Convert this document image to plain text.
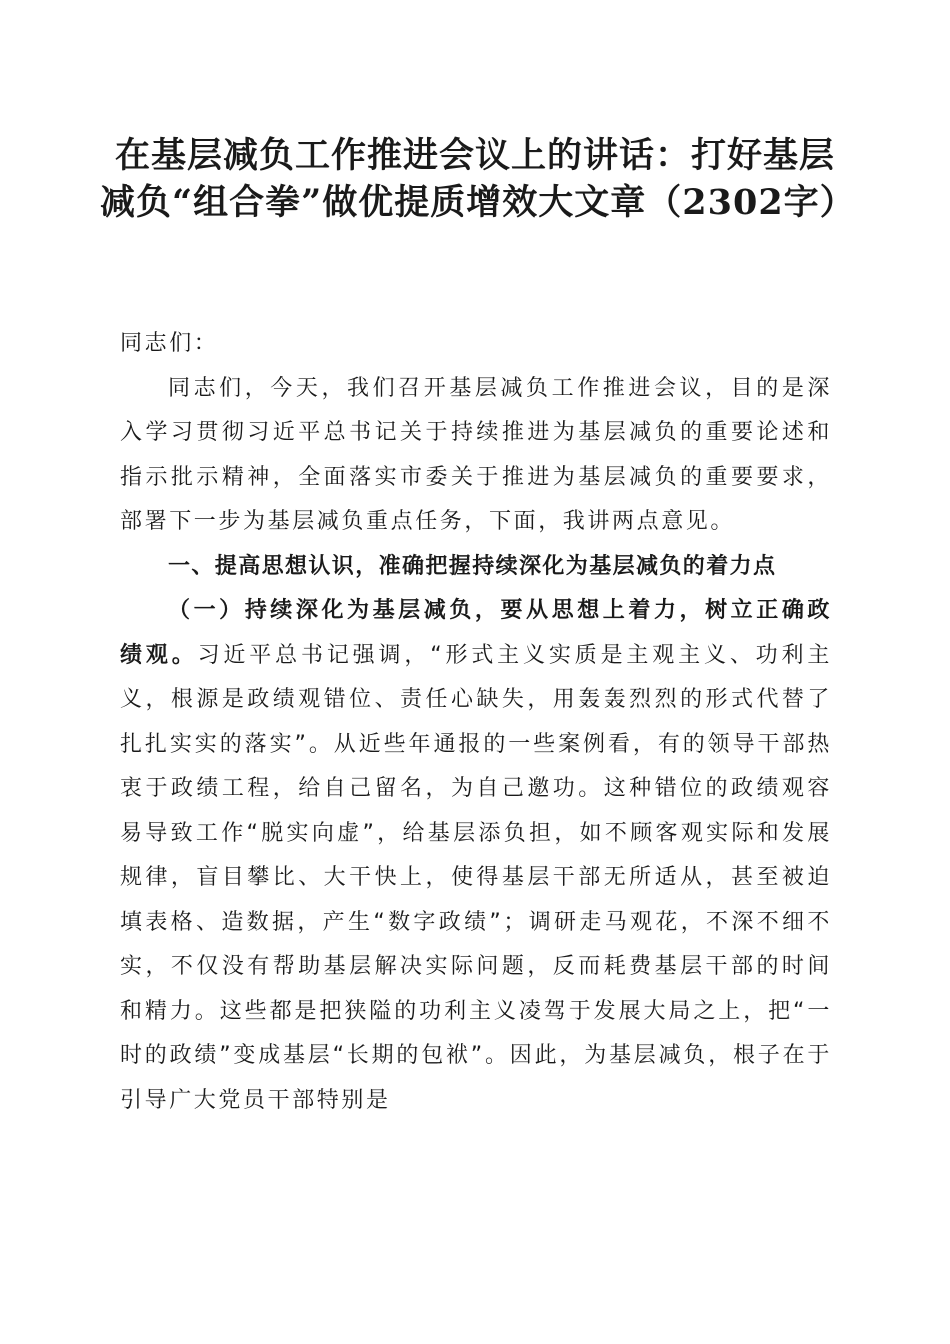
在基层减负工作推进会议上的讲话：打好基层减负“组合拳”做优提质增效大文章（2302字）

同志们：

同志们，今天，我们召开基层减负工作推进会议，目的是深入学习贯彻习近平总书记关于持续推进为基层减负的重要论述和指示批示精神，全面落实市委关于推进为基层减负的重要要求，部署下一步为基层减负重点任务，下面，我讲两点意见。

一、提高思想认识，准确把握持续深化为基层减负的着力点

（一）持续深化为基层减负，要从思想上着力，树立正确政绩观。习近平总书记强调，“形式主义实质是主观主义、功利主义，根源是政绩观错位、责任心缺失，用轰轰烈烈的形式代替了扎扎实实的落实”。从近些年通报的一些案例看，有的领导干部热衷于政绩工程，给自己留名，为自己邀功。这种错位的政绩观容易导致工作“脱实向虚”，给基层添负担，如不顾客观实际和发展规律，盲目攀比、大干快上，使得基层干部无所适从，甚至被迫填表格、造数据，产生“数字政绩”；调研走马观花，不深不细不实，不仅没有帮助基层解决实际问题，反而耗费基层干部的时间和精力。这些都是把狭隘的功利主义凌驾于发展大局之上，把“一时的政绩”变成基层“长期的包袱”。因此，为基层减负，根子在于引导广大党员干部特别是
